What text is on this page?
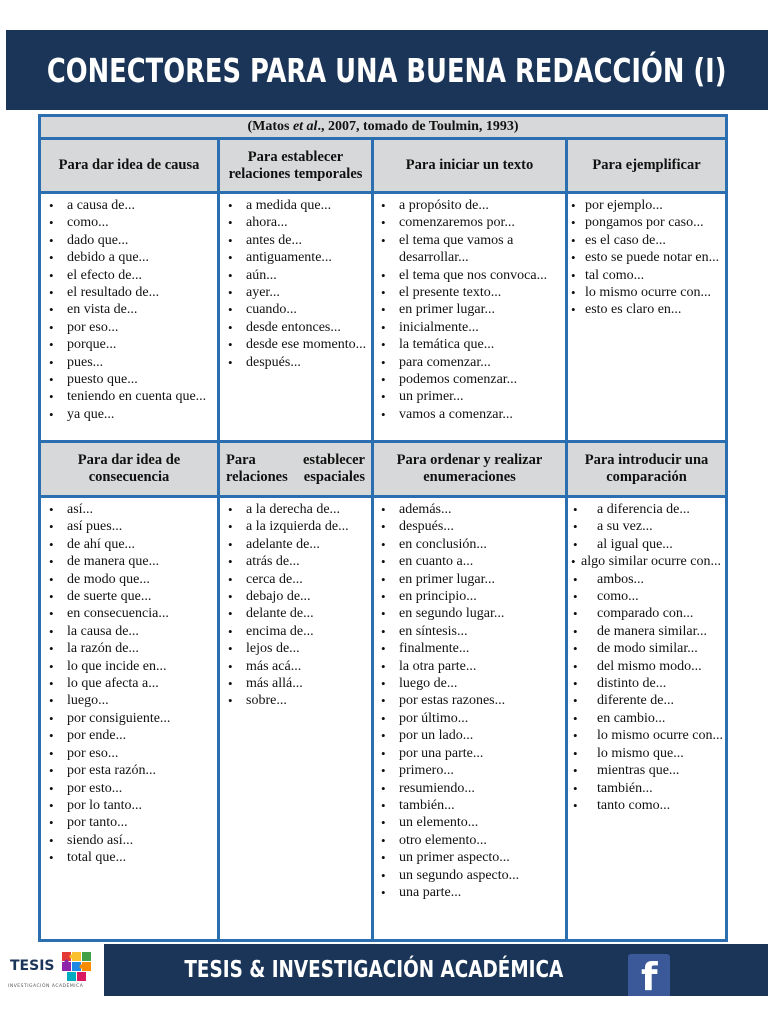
CONECTORES PARA UNA BUENA REDACCIÓN (I)
(Matos et al., 2007, tomado de Toulmin, 1993)
Para dar idea de causa
Para establecer relaciones temporales
Para iniciar un texto	Para ejemplificar
• a causa de...
• como...
• dado que...
• debido a que...
• el efecto de...
• el resultado de...
• en vista de...
• por eso...
• porque...
• pues...
• puesto que...
• teniendo en cuenta que...
• ya que...
• a medida que...
• ahora...
• antes de...
• antiguamente...
• aún...
• ayer...
• cuando...
• desde entonces...
• desde ese momento...
• después...
• a propósito de...
• comenzaremos por...
• el tema que vamos a desarrollar...
• el tema que nos convoca...
• el presente texto...
• en primer lugar...
• inicialmente...
• la temática que...
• para comenzar...
• podemos comenzar...
• un primer...
• vamos a comenzar...
• por ejemplo...
• pongamos por caso...
• es el caso de...
• esto se puede notar en...
• tal como...
• lo mismo ocurre con...
• esto es claro en...
Para dar idea de consecuencia
Para establecer relaciones espaciales
Para ordenar y realizar enumeraciones
Para introducir una comparación
• así...
• así pues...
• de ahí que...
• de manera que...
• de modo que...
• de suerte que...
• en consecuencia...
• la causa de...
• la razón de...
• lo que incide en...
• lo que afecta a...
• luego...
• por consiguiente...
• por ende...
• por eso...
• por esta razón...
• por esto...
• por lo tanto...
• por tanto...
• siendo así...
• total que...
• a la derecha de...
• a la izquierda de...
• adelante de...
• atrás de...
• cerca de...
• debajo de...
• delante de...
• encima de...
• lejos de...
• más acá...
• más allá...
• sobre...
• además...
• después...
• en conclusión...
• en cuanto a...
• en primer lugar...
• en principio...
• en segundo lugar...
• en síntesis...
• finalmente...
• la otra parte...
• luego de...
• por estas razones...
• por último...
• por un lado...
• por una parte...
• primero...
• resumiendo...
• también...
• un elemento...
• otro elemento...
• un primer aspecto...
• un segundo aspecto...
• una parte...
• a diferencia de...
• a su vez...
• al igual que...
• algo similar ocurre con...
• ambos...
• como...
• comparado con...
• de manera similar...
• de modo similar...
• del mismo modo...
• distinto de...
• diferente de...
• en cambio...
• lo mismo ocurre con...
• lo mismo que...
• mientras que...
• también...
• tanto como...
TESIS & INVESTIGACIÓN ACADÉMICA f
TESIS
INVESTIGACIÓN ACADÉMICA
